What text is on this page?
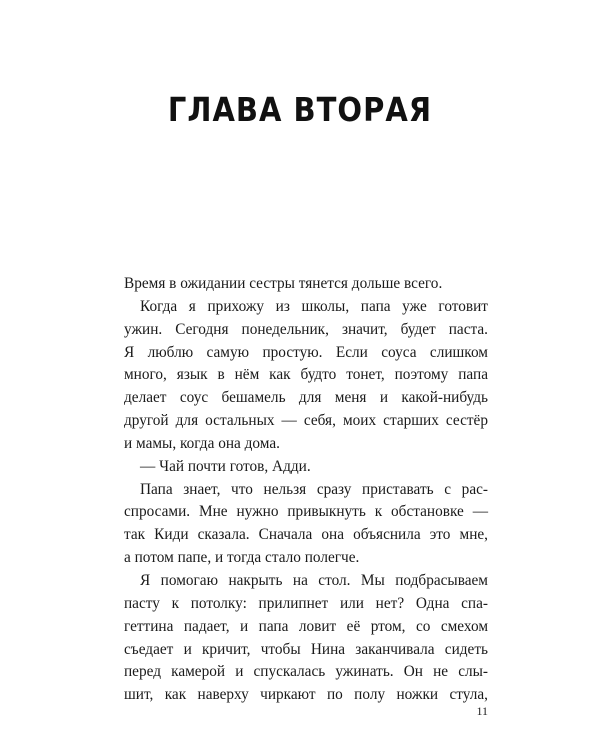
ГЛАВА ВТОРАЯ
Время в ожидании сестры тянется дольше всего.
Когда я прихожу из школы, папа уже готовит
ужин. Сегодня понедельник, значит, будет паста.
Я люблю самую простую. Если соуса слишком
много, язык в нём как будто тонет, поэтому папа
делает соус бешамель для меня и какой-нибудь
другой для остальных — себя, моих старших сестёр
и мамы, когда она дома.
— Чай почти готов, Адди.
Папа знает, что нельзя сразу приставать с рас-
спросами. Мне нужно привыкнуть к обстановке —
так Киди сказала. Сначала она объяснила это мне,
а потом папе, и тогда стало полегче.
Я помогаю накрыть на стол. Мы подбрасываем
пасту к потолку: прилипнет или нет? Одна спа-
геттина падает, и папа ловит её ртом, со смехом
съедает и кричит, чтобы Нина заканчивала сидеть
перед камерой и спускалась ужинать. Он не слы-
шит, как наверху чиркают по полу ножки стула,
11
